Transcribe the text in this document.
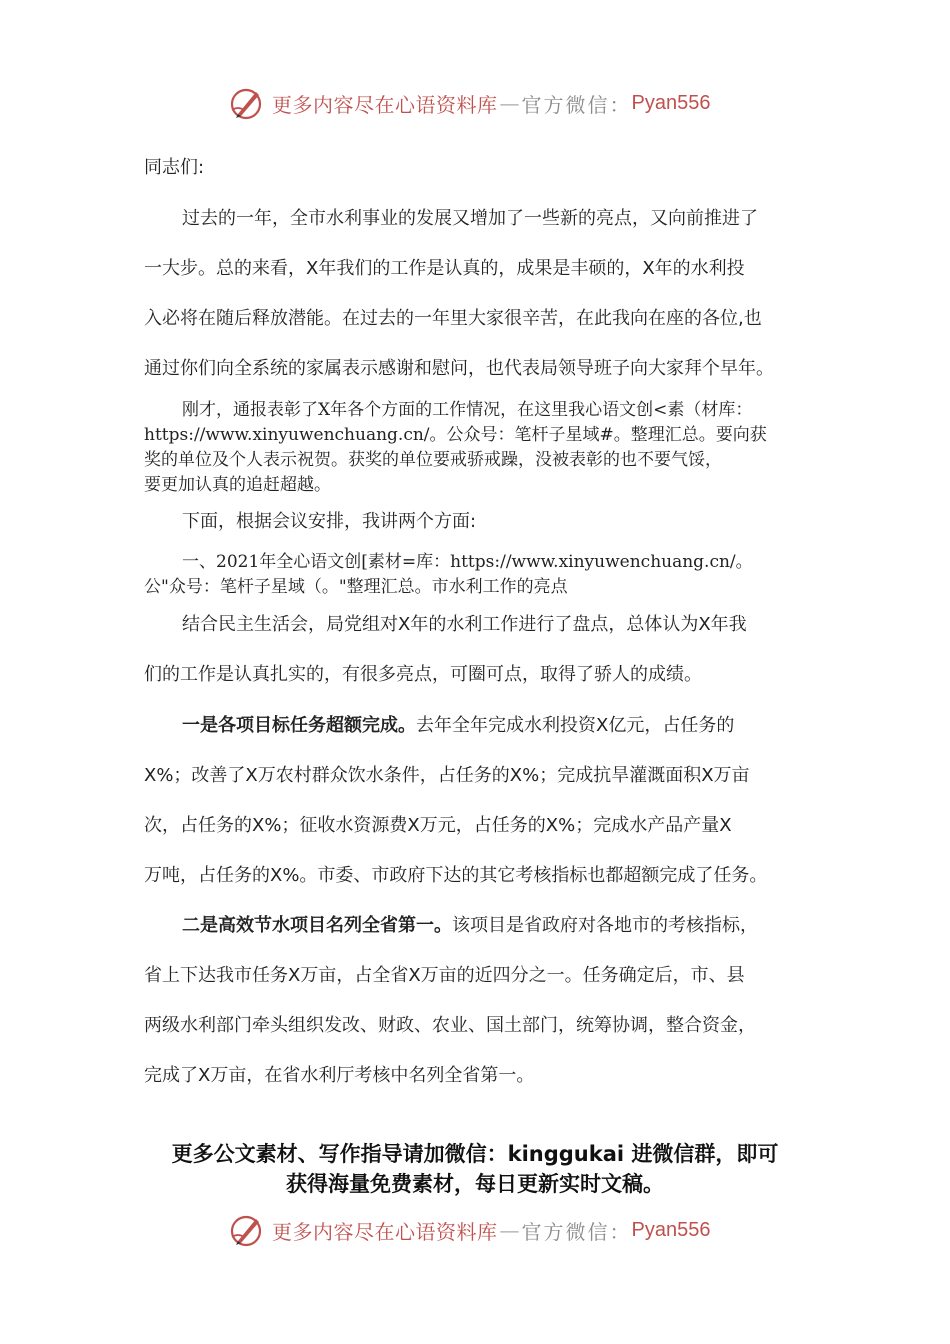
更多内容尽在心语资料库 — 官方微信： Pyan556
同志们:
过去的一年，全市水利事业的发展又增加了一些新的亮点，又向前推进了
一大步。总的来看，X年我们的工作是认真的，成果是丰硕的，X年的水利投
入必将在随后释放潜能。在过去的一年里大家很辛苦，在此我向在座的各位,也
通过你们向全系统的家属表示感谢和慰问，也代表局领导班子向大家拜个早年。
刚才，通报表彰了X年各个方面的工作情况，在这里我心语文创<素（材库：
https://www.xinyuwenchuang.cn/。公众号：笔杆子星域#。整理汇总。要向获
奖的单位及个人表示祝贺。获奖的单位要戒骄戒躁，没被表彰的也不要气馁，
要更加认真的追赶超越。
下面，根据会议安排，我讲两个方面:
一、2021年全心语文创[素材=库：https://www.xinyuwenchuang.cn/。
公"众号：笔杆子星域（。"整理汇总。市水利工作的亮点
结合民主生活会，局党组对X年的水利工作进行了盘点，总体认为X年我
们的工作是认真扎实的，有很多亮点，可圈可点，取得了骄人的成绩。
一是各项目标任务超额完成。去年全年完成水利投资X亿元，占任务的
X%；改善了X万农村群众饮水条件，占任务的X%；完成抗旱灌溉面积X万亩
次，占任务的X%；征收水资源费X万元，占任务的X%；完成水产品产量X
万吨，占任务的X%。市委、市政府下达的其它考核指标也都超额完成了任务。
二是高效节水项目名列全省第一。该项目是省政府对各地市的考核指标，
省上下达我市任务X万亩，占全省X万亩的近四分之一。任务确定后，市、县
两级水利部门牵头组织发改、财政、农业、国土部门，统筹协调，整合资金，
完成了X万亩，在省水利厅考核中名列全省第一。
更多公文素材、写作指导请加微信：kinggukai 进微信群，即可
获得海量免费素材，每日更新实时文稿。
更多内容尽在心语资料库 — 官方微信： Pyan556
